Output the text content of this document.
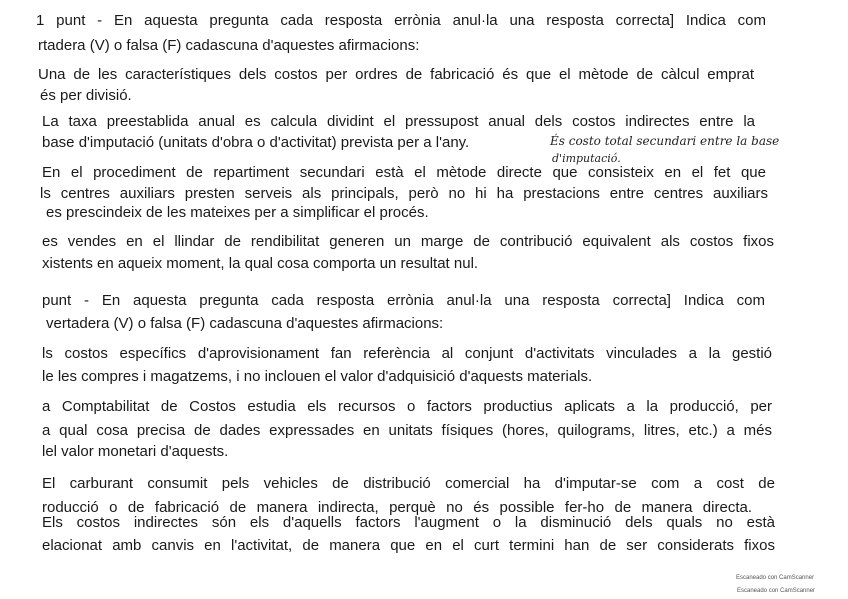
1 punt - En aquesta pregunta cada resposta errònia anul·la una resposta correcta] Indica com
rtadera (V) o falsa (F) cadascuna d'aquestes afirmacions:
Una de les característiques dels costos per ordres de fabricació és que el mètode de càlcul emprat
és per divisió.
La taxa preestablida anual es calcula dividint el pressupost anual dels costos indirectes entre la
base d'imputació (unitats d'obra o d'activitat) prevista per a l'any.	És costo total secundari entre la base
d'imputació.
En el procediment de repartiment secundari està el mètode directe que consisteix en el fet que
ls centres auxiliars presten serveis als principals, però no hi ha prestacions entre centres auxiliars
es prescindeix de les mateixes per a simplificar el procés.
es vendes en el llindar de rendibilitat generen un marge de contribució equivalent als costos fixos
xistents en aqueix moment, la qual cosa comporta un resultat nul.
punt - En aquesta pregunta cada resposta errònia anul·la una resposta correcta] Indica com
vertadera (V) o falsa (F) cadascuna d'aquestes afirmacions:
ls costos específics d'aprovisionament fan referència al conjunt d'activitats vinculades a la gestió
le les compres i magatzems, i no inclouen el valor d'adquisició d'aquests materials.
a Comptabilitat de Costos estudia els recursos o factors productius aplicats a la producció, per
a qual cosa precisa de dades expressades en unitats físiques (hores, quilograms, litres, etc.) a més
lel valor monetari d'aquests.
El carburant consumit pels vehicles de distribució comercial ha d'imputar-se com a cost de
roducció o de fabricació de manera indirecta, perquè no és possible fer-ho de manera directa.
Els costos indirectes són els d'aquells factors l'augment o la disminució dels quals no està
elacionat amb canvis en l'activitat, de manera que en el curt termini han de ser considerats fixos
Escaneado con CamScanner
Escaneado con CamScanner
